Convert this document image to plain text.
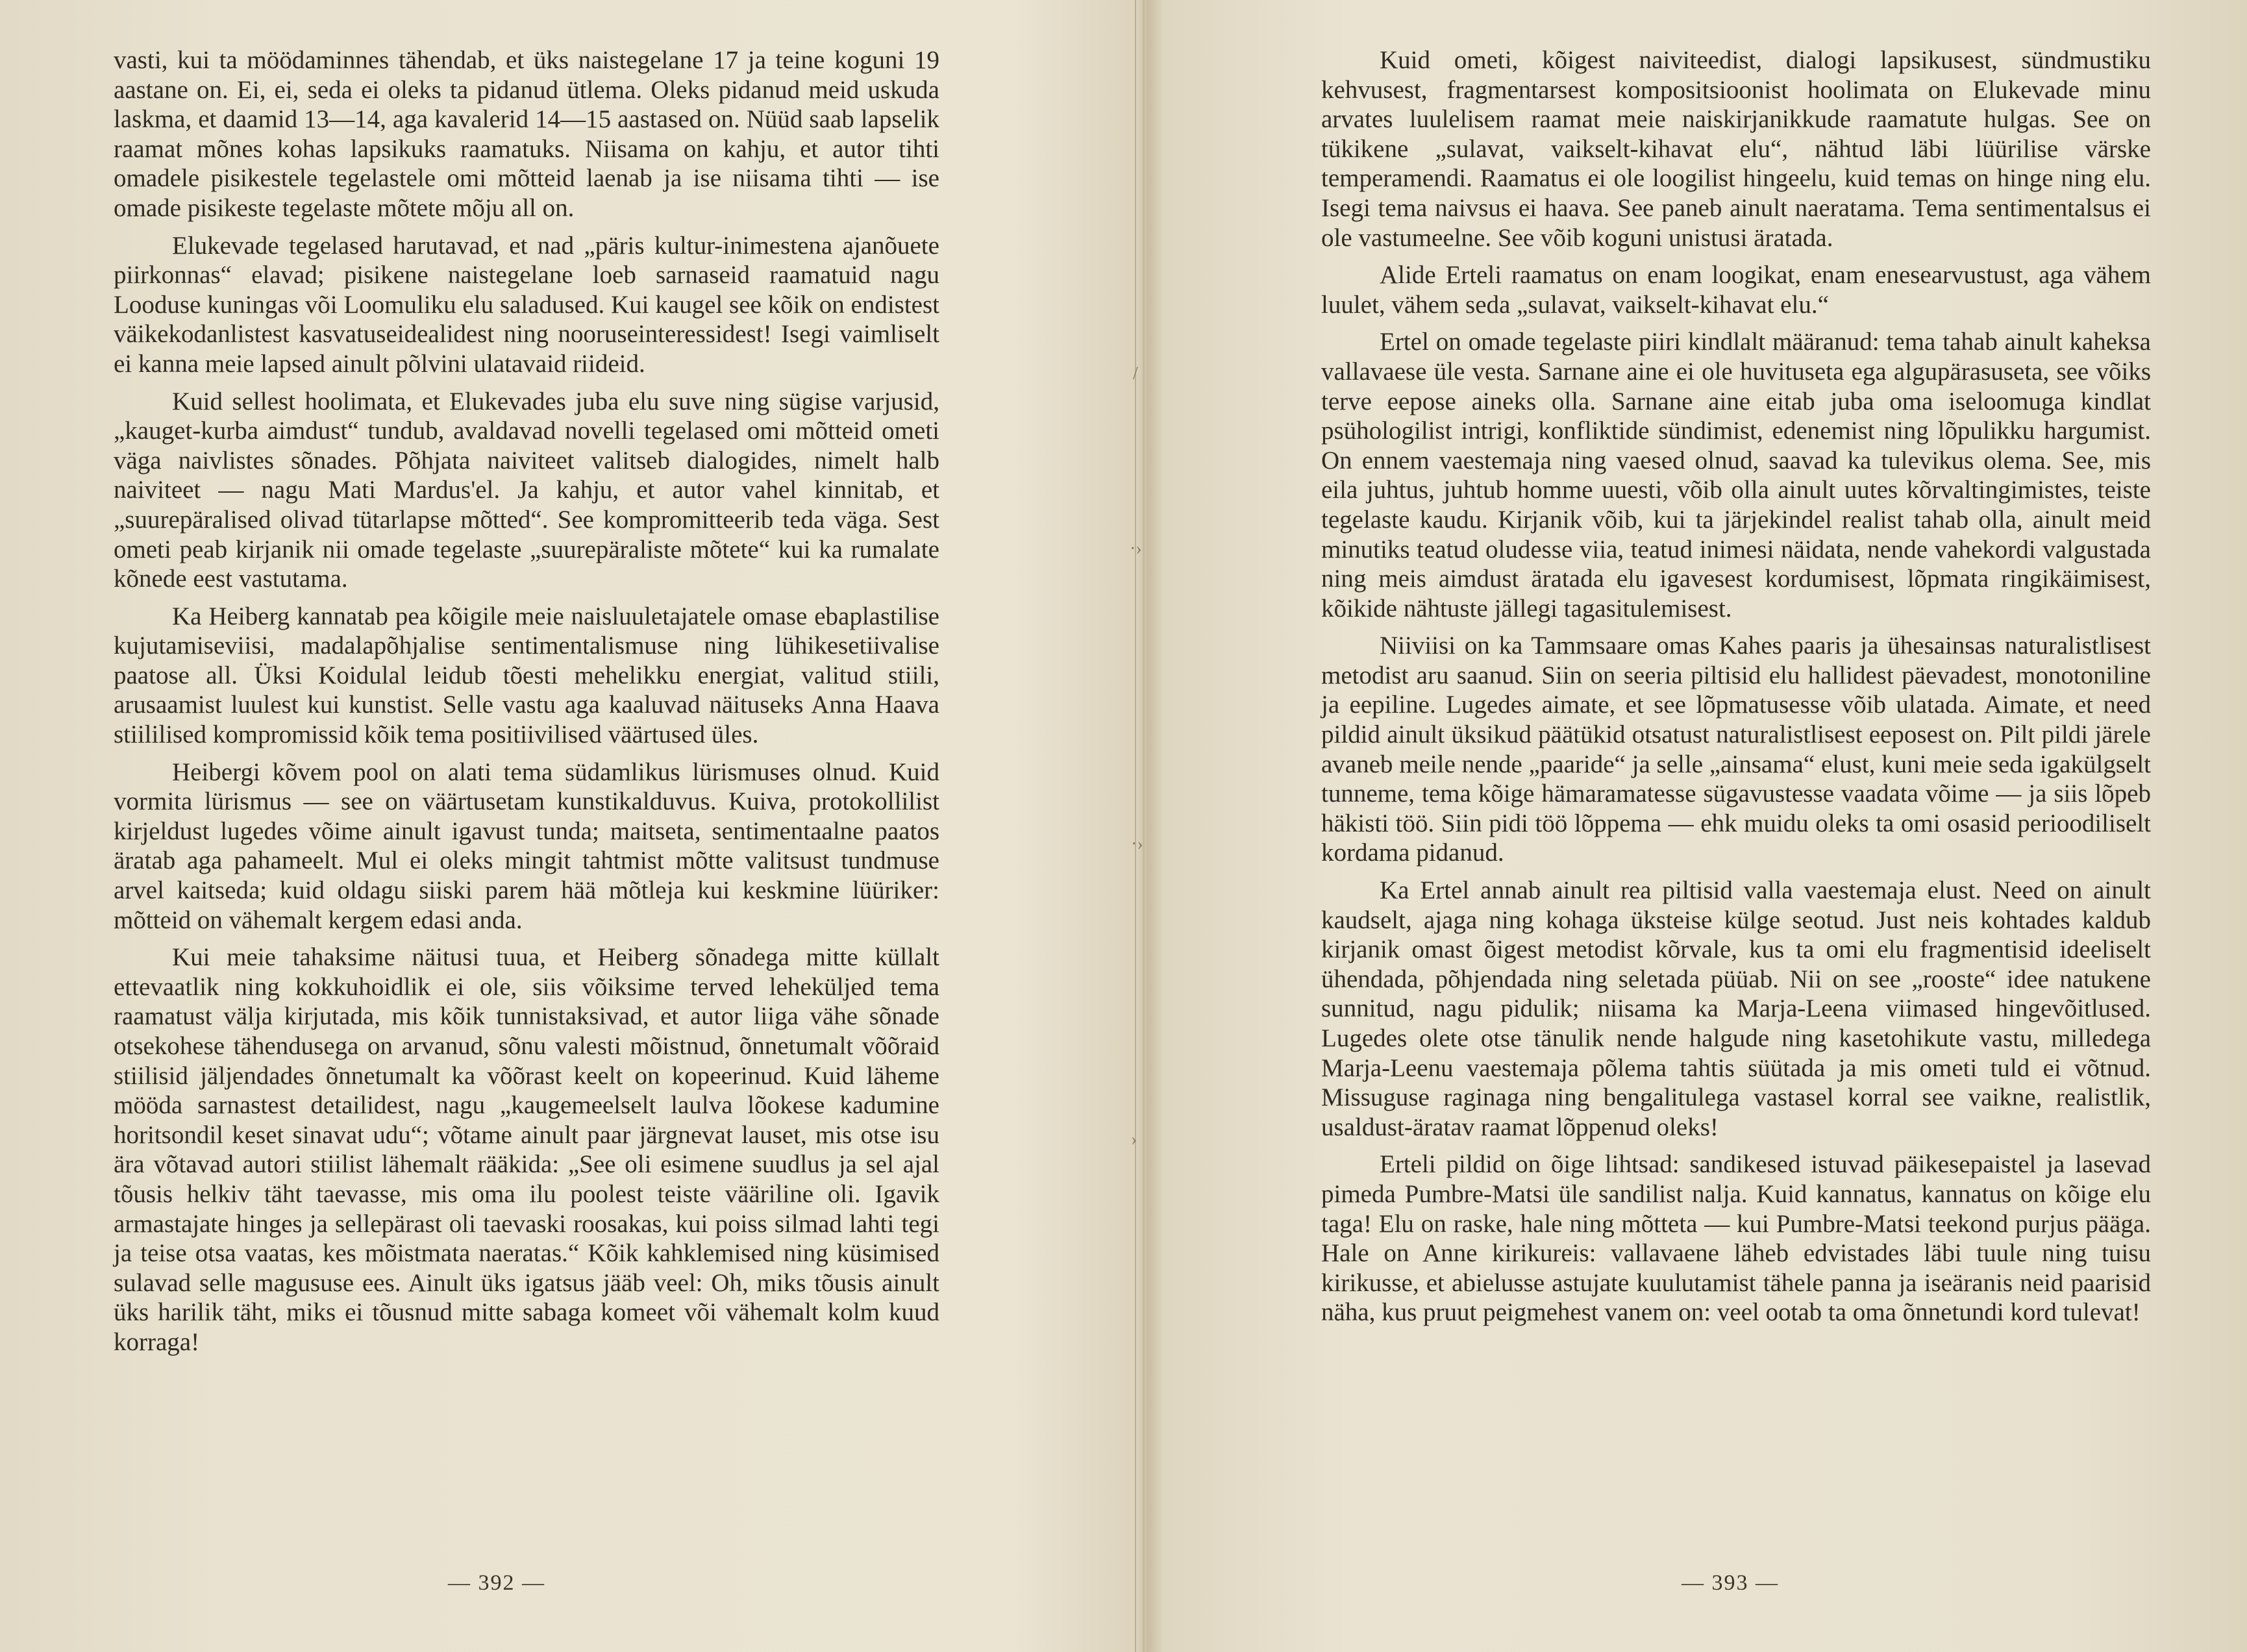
vasti, kui ta möödaminnes tähendab, et üks naistegelane 17 ja teine koguni 19 aastane on. Ei, ei, seda ei oleks ta pidanud ütlema. Oleks pidanud meid uskuda laskma, et daamid 13—14, aga kavalerid 14—15 aastased on. Nüüd saab lapselik raamat mõnes kohas lapsikuks raamatuks. Niisama on kahju, et autor tihti omadele pisikestele tegelastele omi mõtteid laenab ja ise niisama tihti — ise omade pisikeste tegelaste mõtete mõju all on.

Elukevade tegelased harutavad, et nad „päris kultur-inimestena ajanõuete piirkonnas“ elavad; pisikene naistegelane loeb sarnaseid raamatuid nagu Looduse kuningas või Loomuliku elu saladused. Kui kaugel see kõik on endistest väikekodanlistest kasvatuseidealidest ning nooruseinteressidest! Isegi vaimliselt ei kanna meie lapsed ainult põlvini ulatavaid riideid.

Kuid sellest hoolimata, et Elukevades juba elu suve ning sügise varjusid, „kauget-kurba aimdust“ tundub, avaldavad novelli tegelased omi mõtteid ometi väga naivlistes sõnades. Põhjata naiviteet valitseb dialogides, nimelt halb naiviteet — nagu Mati Mardus'el. Ja kahju, et autor vahel kinnitab, et „suurepäralised olivad tütarlapse mõtted“. See kompromitteerib teda väga. Sest ometi peab kirjanik nii omade tegelaste „suurepäraliste mõtete“ kui ka rumalate kõnede eest vastutama.

Ka Heiberg kannatab pea kõigile meie naisluuletajatele omase ebaplastilise kujutamiseviisi, madalapõhjalise sentimentalismuse ning lühikesetiivalise paatose all. Üksi Koidulal leidub tõesti mehelikku energiat, valitud stiili, arusaamist luulest kui kunstist. Selle vastu aga kaaluvad näituseks Anna Haava stiililised kompromissid kõik tema positiivilised väärtused üles.

Heibergi kõvem pool on alati tema südamlikus lürismuses olnud. Kuid vormita lürismus — see on väärtusetam kunstikalduvus. Kuiva, protokollilist kirjeldust lugedes võime ainult igavust tunda; maitseta, sentimentaalne paatos äratab aga pahameelt. Mul ei oleks mingit tahtmist mõtte valitsust tundmuse arvel kaitseda; kuid oldagu siiski parem hää mõtleja kui keskmine lüüriker: mõtteid on vähemalt kergem edasi anda.

Kui meie tahaksime näitusi tuua, et Heiberg sõnadega mitte küllalt ettevaatlik ning kokkuhoidlik ei ole, siis võiksime terved leheküljed tema raamatust välja kirjutada, mis kõik tunnistaksivad, et autor liiga vähe sõnade otsekohese tähendusega on arvanud, sõnu valesti mõistnud, õnnetumalt võõraid stiilisid jäljendades õnnetumalt ka võõrast keelt on kopeerinud. Kuid läheme mööda sarnastest detailidest, nagu „kaugemeelselt laulva lõokese kadumine horitsondil keset sinavat udu“; võtame ainult paar järgnevat lauset, mis otse isu ära võtavad autori stiilist lähemalt rääkida: „See oli esimene suudlus ja sel ajal tõusis helkiv täht taevasse, mis oma ilu poolest teiste vääriline oli. Igavik armastajate hinges ja sellepärast oli taevaski roosakas, kui poiss silmad lahti tegi ja teise otsa vaatas, kes mõistmata naeratas.“ Kõik kahklemised ning küsimised sulavad selle magususe ees. Ainult üks igatsus jääb veel: Oh, miks tõusis ainult üks harilik täht, miks ei tõusnud mitte sabaga komeet või vähemalt kolm kuud korraga!

Kuid ometi, kõigest naiviteedist, dialogi lapsikusest, sündmustiku kehvusest, fragmentarsest kompositsioonist hoolimata on Elukevade minu arvates luulelisem raamat meie naiskirjanikkude raamatute hulgas. See on tükikene „sulavat, vaikselt-kihavat elu“, nähtud läbi lüürilise värske temperamendi. Raamatus ei ole loogilist hingeelu, kuid temas on hinge ning elu. Isegi tema naivsus ei haava. See paneb ainult naeratama. Tema sentimentalsus ei ole vastumeelne. See võib koguni unistusi äratada.

Alide Erteli raamatus on enam loogikat, enam enesearvustust, aga vähem luulet, vähem seda „sulavat, vaikselt-kihavat elu.“

Ertel on omade tegelaste piiri kindlalt määranud: tema tahab ainult kaheksa vallavaese üle vesta. Sarnane aine ei ole huvituseta ega algupärasuseta, see võiks terve eepose aineks olla. Sarnane aine eitab juba oma iseloomuga kindlat psühologilist intrigi, konfliktide sündimist, edenemist ning lõpulikku hargumist. On ennem vaestemaja ning vaesed olnud, saavad ka tulevikus olema. See, mis eila juhtus, juhtub homme uuesti, võib olla ainult uutes kõrvaltingimistes, teiste tegelaste kaudu. Kirjanik võib, kui ta järjekindel realist tahab olla, ainult meid minutiks teatud oludesse viia, teatud inimesi näidata, nende vahekordi valgustada ning meis aimdust äratada elu igavesest kordumisest, lõpmata ringikäimisest, kõikide nähtuste jällegi tagasitulemisest.

Niiviisi on ka Tammsaare omas Kahes paaris ja ühesainsas naturalistlisest metodist aru saanud. Siin on seeria piltisid elu hallidest päevadest, monotoniline ja eepiline. Lugedes aimate, et see lõpmatusesse võib ulatada. Aimate, et need pildid ainult üksikud päätükid otsatust naturalistlisest eeposest on. Pilt pildi järele avaneb meile nende „paaride“ ja selle „ainsama“ elust, kuni meie seda igakülgselt tunneme, tema kõige hämaramatesse sügavustesse vaadata võime — ja siis lõpeb häkisti töö. Siin pidi töö lõppema — ehk muidu oleks ta omi osasid perioodiliselt kordama pidanud.

Ka Ertel annab ainult rea piltisid valla vaestemaja elust. Need on ainult kaudselt, ajaga ning kohaga üksteise külge seotud. Just neis kohtades kaldub kirjanik omast õigest metodist kõrvale, kus ta omi elu fragmentisid ideeliselt ühendada, põhjendada ning seletada püüab. Nii on see „rooste“ idee natukene sunnitud, nagu pidulik; niisama ka Marja-Leena viimased hingevõitlused. Lugedes olete otse tänulik nende halgude ning kasetohikute vastu, milledega Marja-Leenu vaestemaja põlema tahtis süütada ja mis ometi tuld ei võtnud. Missuguse raginaga ning bengalitulega vastasel korral see vaikne, realistlik, usaldust-äratav raamat lõppenud oleks!

Erteli pildid on õige lihtsad: sandikesed istuvad päikesepaistel ja lasevad pimeda Pumbre-Matsi üle sandilist nalja. Kuid kannatus, kannatus on kõige elu taga! Elu on raske, hale ning mõtteta — kui Pumbre-Matsi teekond purjus pääga. Hale on Anne kirikureis: vallavaene läheb edvistades läbi tuule ning tuisu kirikusse, et abielusse astujate kuulutamist tähele panna ja iseäranis neid paarisid näha, kus pruut peigmehest vanem on: veel ootab ta oma õnnetundi kord tulevat!

— 392 —	— 393 —
/
·›
·›
›
